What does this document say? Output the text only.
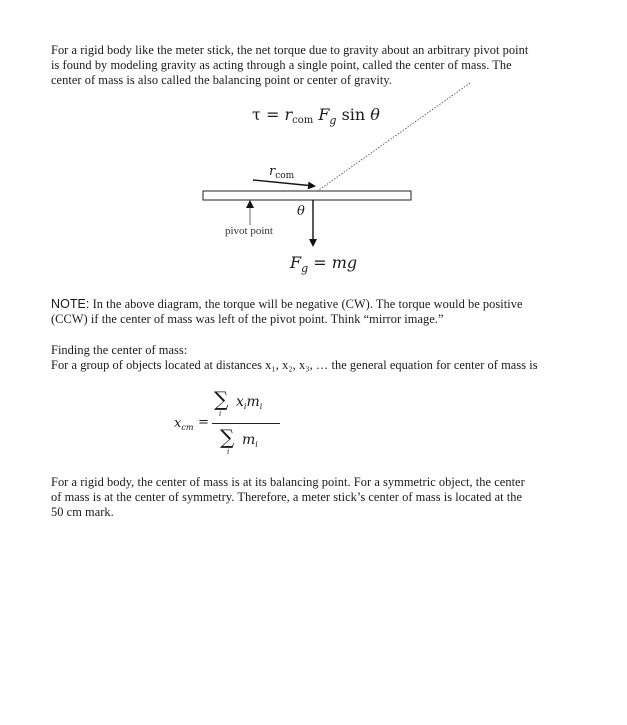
For a rigid body like the meter stick, the net torque due to gravity about an arbitrary pivot point
is found by modeling gravity as acting through a single point, called the center of mass. The
center of mass is also called the balancing point or center of gravity.
τ = rcom $F_g$ sin θ
$r_{com}$
θ
pivot point
$F_g$ = mg
NOTE: In the above diagram, the torque will be negative (CW). The torque would be positive
(CCW) if the center of mass was left of the pivot point. Think “mirror image.”
Finding the center of mass:
For a group of objects located at distances x₁, x₂, x₃, … the general equation for center of mass is
$x_{cm}$ =
∑ $x_im_i$
i
∑ $m_i$
i
For a rigid body, the center of mass is at its balancing point. For a symmetric object, the center
of mass is at the center of symmetry. Therefore, a meter stick’s center of mass is located at the
50 cm mark.
